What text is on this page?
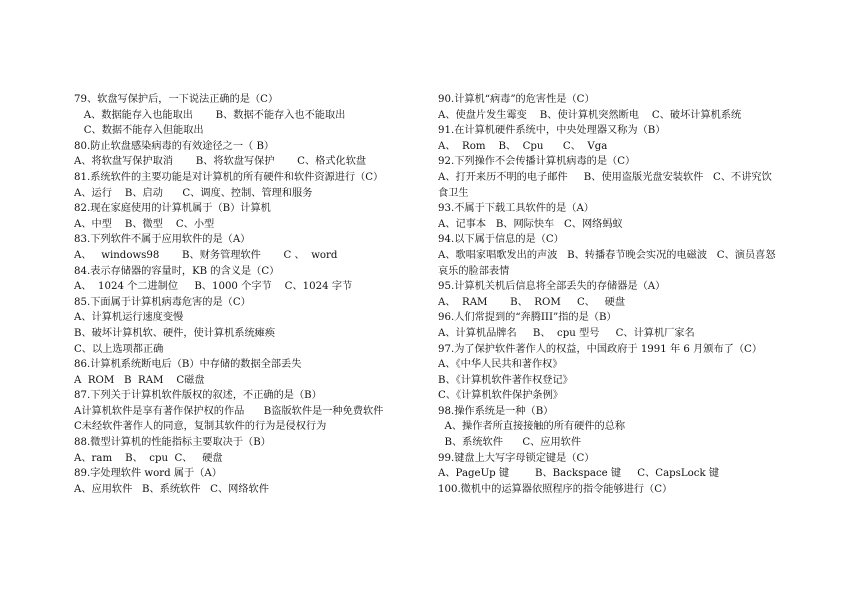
79、软盘写保护后，一下说法正确的是（C）
A、数据能存入也能取出       B、数据不能存入也不能取出
C、数据不能存入但能取出
80.防止软盘感染病毒的有效途径之一（ B）
A、将软盘写保护取消       B、将软盘写保护       C、格式化软盘
81.系统软件的主要功能是对计算机的所有硬件和软件资源进行（C）
A、运行    B、启动      C、调度、控制、管理和服务
82.现在家庭使用的计算机属于（B）计算机
A、中型    B、微型    C、小型
83.下列软件不属于应用软件的是（A）
A、   windows98       B、财务管理软件       C 、  word
84.表示存储器的容量时，KB 的含义是（C）
A、  1024 个二进制位     B、1000 个字节    C、1024 字节
85.下面属于计算机病毒危害的是（C）
A、计算机运行速度变慢
B、破坏计算机软、硬件，使计算机系统瘫痪
C、以上选项都正确
86.计算机系统断电后（B）中存储的数据全部丢失
A  ROM   B  RAM    C磁盘
87.下列关于计算机软件版权的叙述，不正确的是（B）
A计算机软件是享有著作保护权的作品      B盗版软件是一种免费软件
C未经软件著作人的同意，复制其软件的行为是侵权行为
88.微型计算机的性能指标主要取决于（B）
A、ram    B、  cpu  C、   硬盘
89.字处理软件 word 属于（A）
A、应用软件   B、系统软件   C、网络软件
90.计算机“病毒”的危害性是（C）
A、使盘片发生霉变    B、使计算机突然断电    C、破坏计算机系统
91.在计算机硬件系统中，中央处理器又称为（B）
A、  Rom    B、  Cpu      C、  Vga
92.下列操作不会传播计算机病毒的是（C）
A、打开来历不明的电子邮件     B、使用盗版光盘安装软件   C、不讲究饮
食卫生
93.不属于下载工具软件的是（A）
A、记事本   B、网际快车   C、网络蚂蚁
94.以下属于信息的是（C）
A、歌唱家唱歌发出的声波   B、转播春节晚会实况的电磁波   C、演员喜怒
哀乐的脸部表情
95.计算机关机后信息将全部丢失的存储器是（A）
A、  RAM       B、  ROM     C、   硬盘
96.人们常提到的“奔腾III”指的是（B）
A、计算机品牌名     B、  cpu 型号     C、计算机厂家名
97.为了保护软件著作人的权益，中国政府于 1991 年 6 月颁布了（C）
A、《中华人民共和著作权》
B、《计算机软件著作权登记》
C、《计算机软件保护条例》
98.操作系统是一种（B）
A、操作者所直接接触的所有硬件的总称
B、系统软件      C、应用软件
99.键盘上大写字母锁定键是（C）
A、PageUp 键        B、Backspace 键     C、CapsLock 键
100.微机中的运算器依照程序的指令能够进行（C）
